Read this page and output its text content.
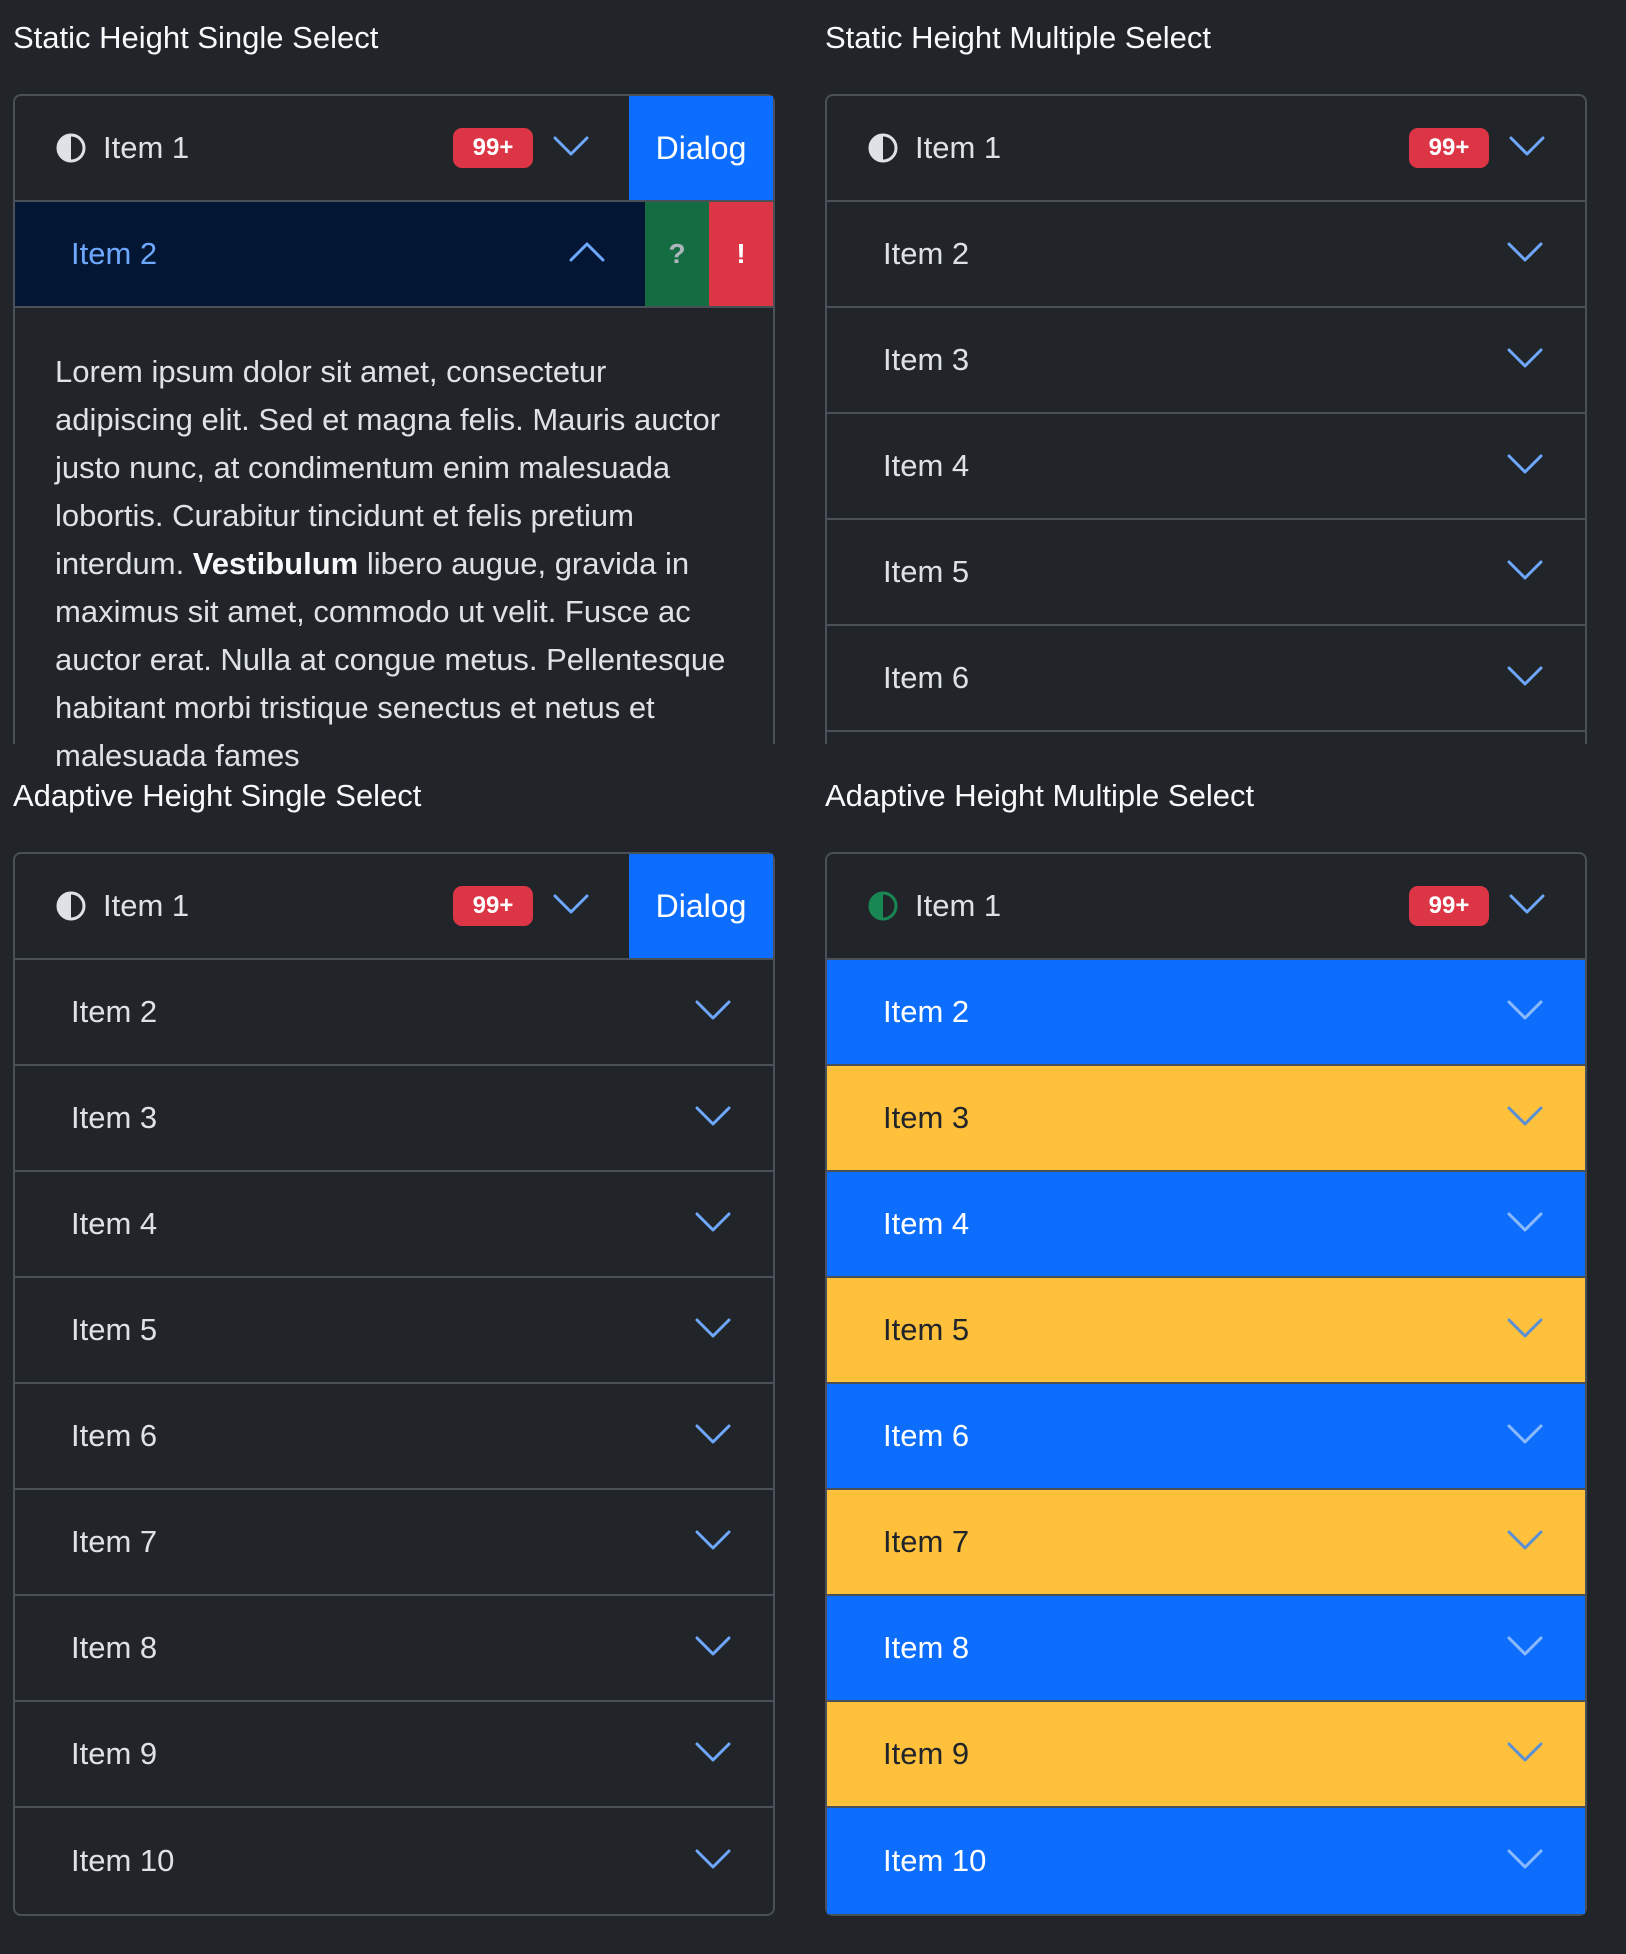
Static Height Single Select
Item 1	99+	Dialog
Item 2	?	!
Lorem ipsum dolor sit amet, consectetur adipiscing elit. Sed et magna felis. Mauris auctor justo nunc, at condimentum enim malesuada lobortis. Curabitur tincidunt et felis pretium interdum. Vestibulum libero augue, gravida in maximus sit amet, commodo ut velit. Fusce ac auctor erat. Nulla at congue metus. Pellentesque habitant morbi tristique senectus et netus et malesuada fames
Static Height Multiple Select
Item 1	99+
Item 2
Item 3
Item 4
Item 5
Item 6
Adaptive Height Single Select
Item 1	99+	Dialog
Item 2
Item 3
Item 4
Item 5
Item 6
Item 7
Item 8
Item 9
Item 10
Adaptive Height Multiple Select
Item 1	99+
Item 2
Item 3
Item 4
Item 5
Item 6
Item 7
Item 8
Item 9
Item 10
